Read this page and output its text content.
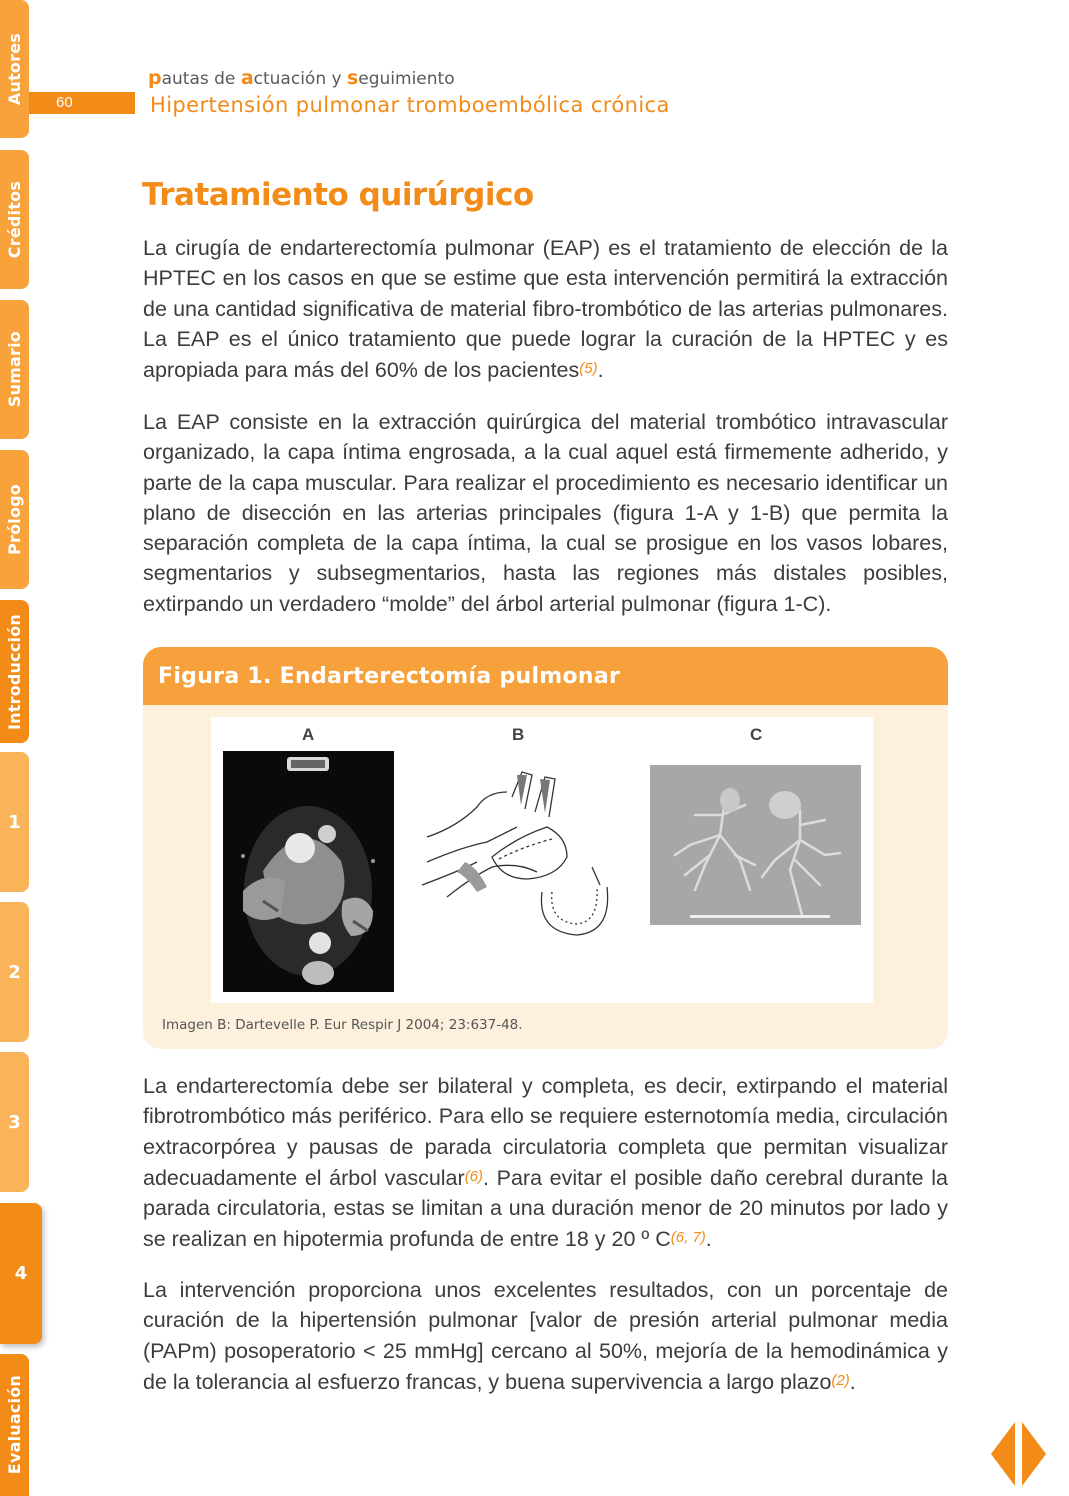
Autores
Créditos
Sumario
Prólogo
Introducción
1
2
3
4
Evaluación
60
pautas de actuación y seguimiento
Hipertensión pulmonar tromboembólica crónica
Tratamiento quirúrgico

La cirugía de endarterectomía pulmonar (EAP) es el tratamiento de elección de la HPTEC en los casos en que se estime que esta intervención permitirá la extracción de una cantidad significativa de material fibro-trombótico de las arterias pulmonares. La EAP es el único tratamiento que puede lograr la curación de la HPTEC y es apropiada para más del 60% de los pacientes(5).

La EAP consiste en la extracción quirúrgica del material trombótico intravascular organizado, la capa íntima engrosada, a la cual aquel está firmemente adherido, y parte de la capa muscular. Para realizar el procedimiento es necesario identificar un plano de disección en las arterias principales (figura 1-A y 1-B) que permita la separación completa de la capa íntima, la cual se prosigue en los vasos lobares, segmentarios y subsegmentarios, hasta las regiones más distales posibles, extirpando un verdadero “molde” del árbol arterial pulmonar (figura 1-C).

Figura 1. Endarterectomía pulmonar
A	B	C
Imagen B: Dartevelle P. Eur Respir J 2004; 23:637-48.

La endarterectomía debe ser bilateral y completa, es decir, extirpando el material fibrotrombótico más periférico. Para ello se requiere esternotomía media, circulación extracorpórea y pausas de parada circulatoria completa que permitan visualizar adecuadamente el árbol vascular(6). Para evitar el posible daño cerebral durante la parada circulatoria, estas se limitan a una duración menor de 20 minutos por lado y se realizan en hipotermia profunda de entre 18 y 20 º C(6, 7).

La intervención proporciona unos excelentes resultados, con un porcentaje de curación de la hipertensión pulmonar [valor de presión arterial pulmonar media (PAPm) posoperatorio < 25 mmHg] cercano al 50%, mejoría de la hemodinámica y de la tolerancia al esfuerzo francas, y buena supervivencia a largo plazo(2).
